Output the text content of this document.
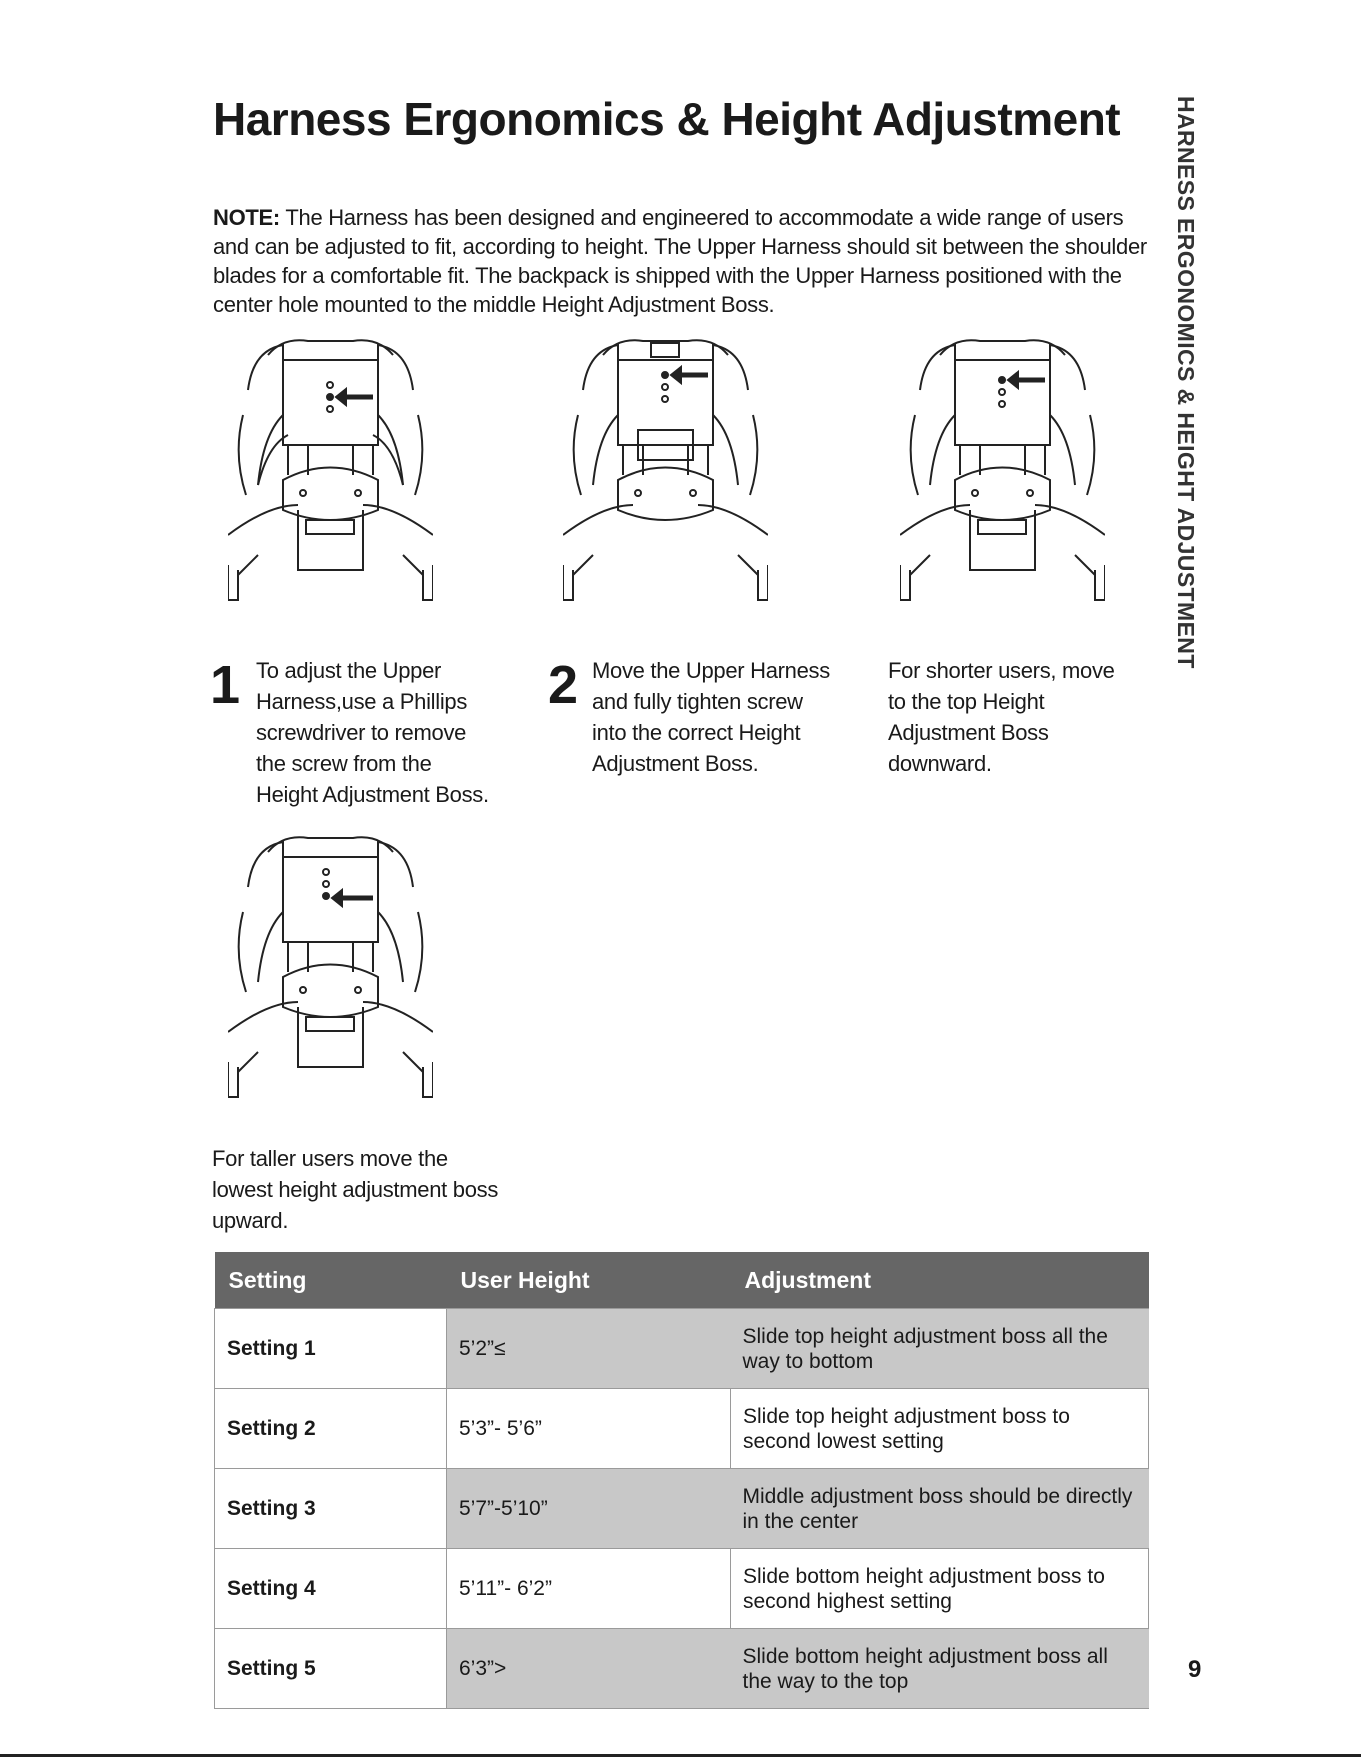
Harness Ergonomics & Height Adjustment

NOTE: The Harness has been designed and engineered to accommodate a wide range of users and can be adjusted to fit, according to height. The Upper Harness should sit between the shoulder blades for a comfortable fit. The backpack is shipped with the Upper Harness positioned with the center hole mounted to the middle Height Adjustment Boss.	HARNESS ERGONOMICS & HEIGHT ADJUSTMENT
1 To adjust the Upper Harness,use a Phillips screwdriver to remove the screw from the Height Adjustment Boss.
2 Move the Upper Harness and fully tighten screw into the correct Height Adjustment Boss.
For shorter users, move to the top Height Adjustment Boss downward.
For taller users move the lowest height adjustment boss upward.
Setting	User Height	Adjustment
Setting 1	5’2”≤	Slide top height adjustment boss all the way to bottom
Setting 2	5’3”- 5’6”	Slide top height adjustment boss to second lowest setting
Setting 3	5’7”-5’10”	Middle adjustment boss should be directly in the center
Setting 4	5’11”- 6’2”	Slide bottom height adjustment boss to second highest setting
Setting 5	6’3”>	Slide bottom height adjustment boss all the way to the top	9
